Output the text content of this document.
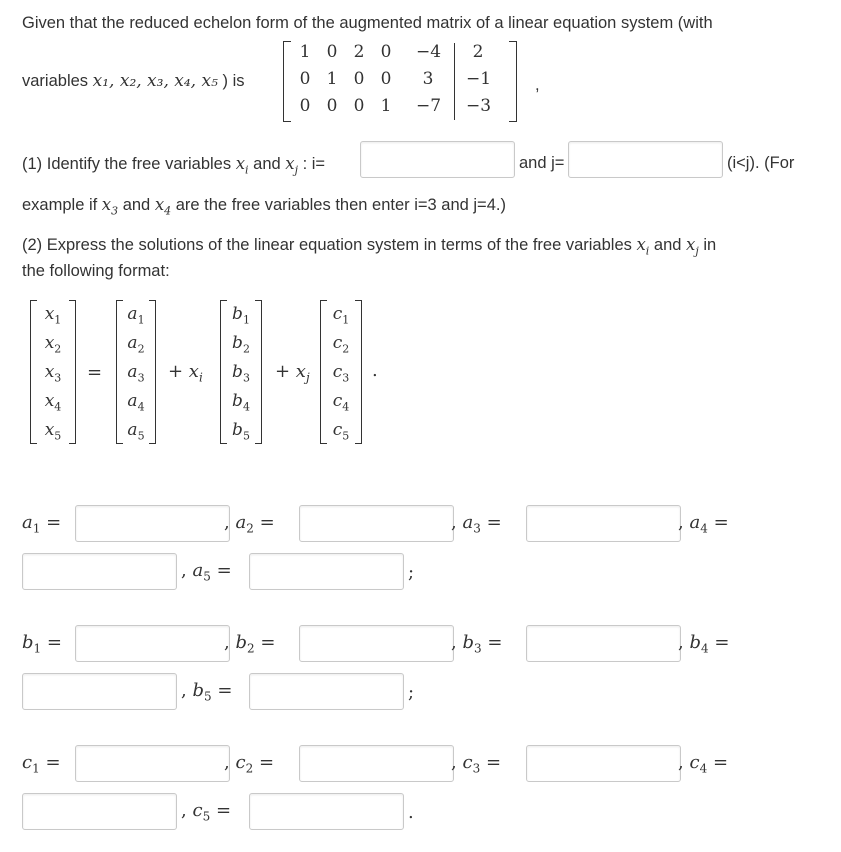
Given that the reduced echelon form of the augmented matrix of a linear equation system (with
variables x₁, x₂, x₃, x₄, x₅ ) is
1 0 2 0	−4	2
0 1 0 0	3	−1
0 0 0 1	−7 −3
,
(1) Identify the free variables $x_i$ and $x_j$ : i=	and j=	(i<j). (For
example if $x_3$ and $x_4$ are the free variables then enter i=3 and j=4.)
(2) Express the solutions of the linear equation system in terms of the free variables $x_i$ and $x_j$ in
the following format:
$x_1$
$x_2$
$x_3$
$x_4$
$x_5$
=
$a_1$
$a_2$
$a_3$
$a_4$
$a_5$
+ $x_i$
$b_1$
$b_2$
$b_3$
$b_4$
$b_5$
+ $x_j$
$c_1$
$c_2$
$c_3$
$c_4$
$c_5$
.
$a_1$ =	, $a_2$ =	, $a_3$ =	, $a_4$ =
, $a_5$ =	;
$b_1$ =	, $b_2$ =	, $b_3$ =	, $b_4$ =
, $b_5$ =	;
$c_1$ =	, $c_2$ =	, $c_3$ =	, $c_4$ =
, $c_5$ =	.
